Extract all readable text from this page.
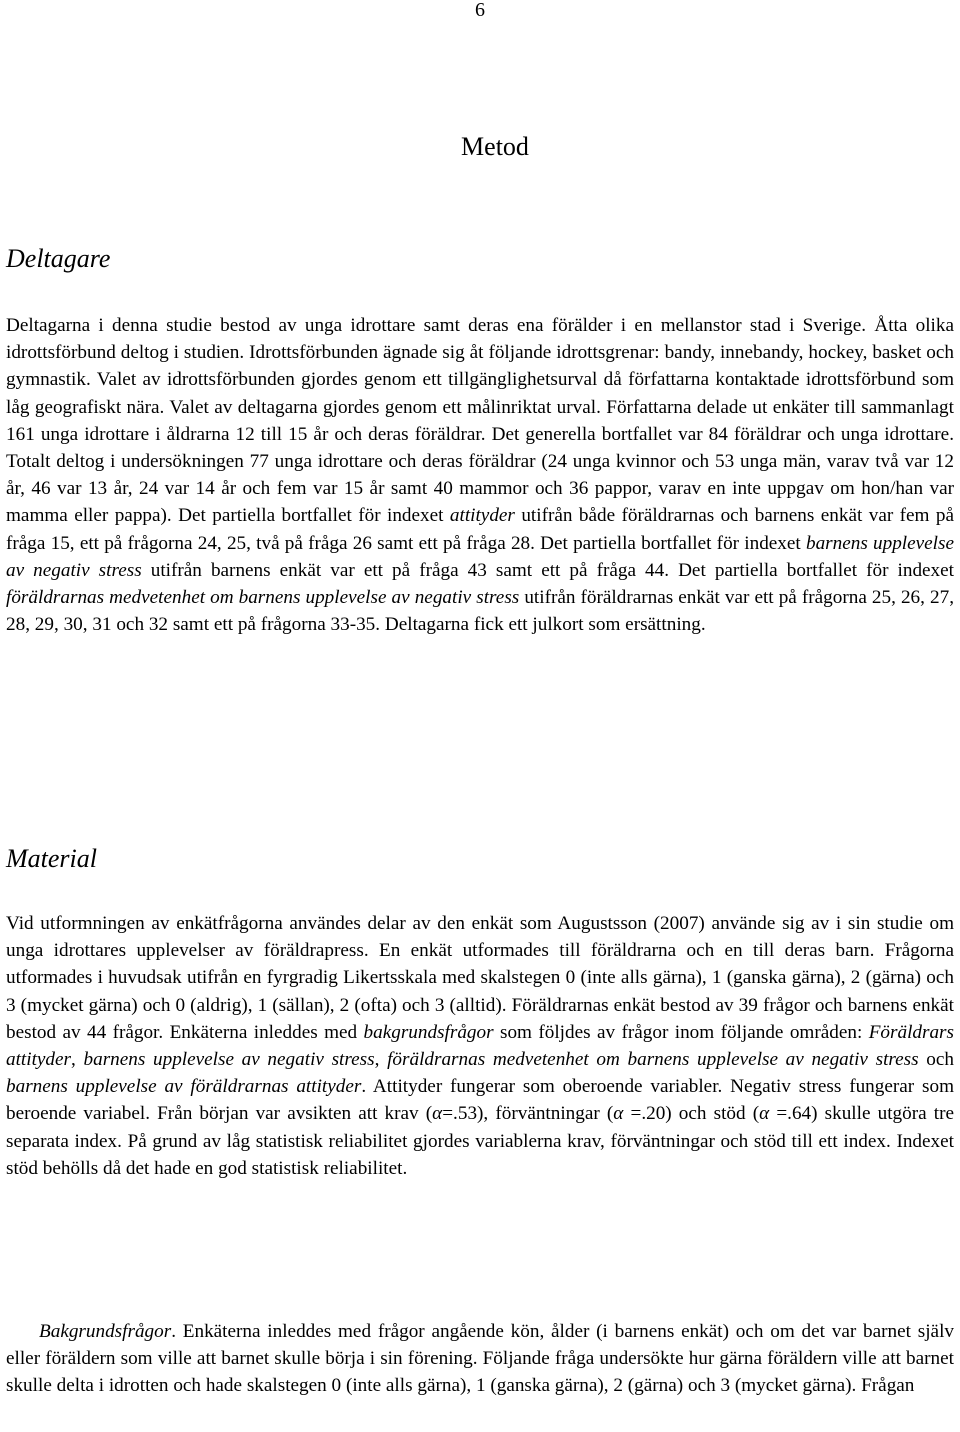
6
Metod
Deltagare
Deltagarna i denna studie bestod av unga idrottare samt deras ena förälder i en mellanstor stad i Sverige. Åtta olika idrottsförbund deltog i studien. Idrottsförbunden ägnade sig åt följande idrottsgrenar: bandy, innebandy, hockey, basket och gymnastik. Valet av idrottsförbunden gjordes genom ett tillgänglighetsurval då författarna kontaktade idrottsförbund som låg geografiskt nära. Valet av deltagarna gjordes genom ett målinriktat urval. Författarna delade ut enkäter till sammanlagt 161 unga idrottare i åldrarna 12 till 15 år och deras föräldrar. Det generella bortfallet var 84 föräldrar och unga idrottare. Totalt deltog i undersökningen 77 unga idrottare och deras föräldrar (24 unga kvinnor och 53 unga män, varav två var 12 år, 46 var 13 år, 24 var 14 år och fem var 15 år samt 40 mammor och 36 pappor, varav en inte uppgav om hon/han var mamma eller pappa). Det partiella bortfallet för indexet attityder utifrån både föräldrarnas och barnens enkät var fem på fråga 15, ett på frågorna 24, 25, två på fråga 26 samt ett på fråga 28. Det partiella bortfallet för indexet barnens upplevelse av negativ stress utifrån barnens enkät var ett på fråga 43 samt ett på fråga 44. Det partiella bortfallet för indexet föräldrarnas medvetenhet om barnens upplevelse av negativ stress utifrån föräldrarnas enkät var ett på frågorna 25, 26, 27, 28, 29, 30, 31 och 32 samt ett på frågorna 33-35. Deltagarna fick ett julkort som ersättning.
Material
Vid utformningen av enkätfrågorna användes delar av den enkät som Augustsson (2007) använde sig av i sin studie om unga idrottares upplevelser av föräldrapress. En enkät utformades till föräldrarna och en till deras barn. Frågorna utformades i huvudsak utifrån en fyrgradig Likertsskala med skalstegen 0 (inte alls gärna), 1 (ganska gärna), 2 (gärna) och 3 (mycket gärna) och 0 (aldrig), 1 (sällan), 2 (ofta) och 3 (alltid). Föräldrarnas enkät bestod av 39 frågor och barnens enkät bestod av 44 frågor. Enkäterna inleddes med bakgrundsfrågor som följdes av frågor inom följande områden: Föräldrars attityder, barnens upplevelse av negativ stress, föräldrarnas medvetenhet om barnens upplevelse av negativ stress och barnens upplevelse av föräldrarnas attityder. Attityder fungerar som oberoende variabler. Negativ stress fungerar som beroende variabel. Från början var avsikten att krav (α=.53), förväntningar (α =.20) och stöd (α =.64) skulle utgöra tre separata index. På grund av låg statistisk reliabilitet gjordes variablerna krav, förväntningar och stöd till ett index. Indexet stöd behölls då det hade en god statistisk reliabilitet.
Bakgrundsfrågor. Enkäterna inleddes med frågor angående kön, ålder (i barnens enkät) och om det var barnet själv eller föräldern som ville att barnet skulle börja i sin förening. Följande fråga undersökte hur gärna föräldern ville att barnet skulle delta i idrotten och hade skalstegen 0 (inte alls gärna), 1 (ganska gärna), 2 (gärna) och 3 (mycket gärna). Frågan
